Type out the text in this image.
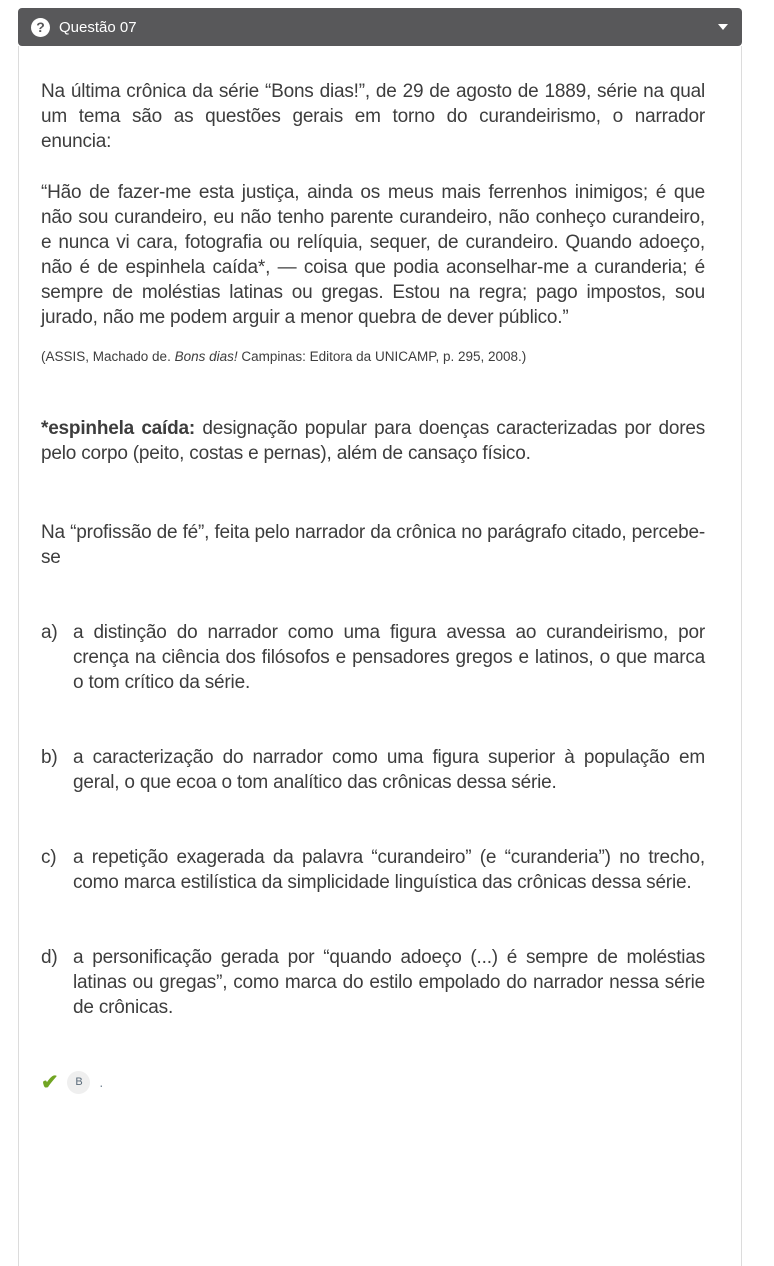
? Questão 07

Na última crônica da série “Bons dias!”, de 29 de agosto de 1889, série na qual um tema são as questões gerais em torno do curandeirismo, o narrador enuncia:

“Hão de fazer-me esta justiça, ainda os meus mais ferrenhos inimigos; é que não sou curandeiro, eu não tenho parente curandeiro, não conheço curandeiro, e nunca vi cara, fotografia ou relíquia, sequer, de curandeiro. Quando adoeço, não é de espinhela caída*, — coisa que podia aconselhar-me a curanderia; é sempre de moléstias latinas ou gregas. Estou na regra; pago impostos, sou jurado, não me podem arguir a menor quebra de dever público.”

(ASSIS, Machado de. Bons dias! Campinas: Editora da UNICAMP, p. 295, 2008.)

*espinhela caída: designação popular para doenças caracterizadas por dores pelo corpo (peito, costas e pernas), além de cansaço físico.

Na “profissão de fé”, feita pelo narrador da crônica no parágrafo citado, percebe-se

a) a distinção do narrador como uma figura avessa ao curandeirismo, por crença na ciência dos filósofos e pensadores gregos e latinos, o que marca o tom crítico da série.
b) a caracterização do narrador como uma figura superior à população em geral, o que ecoa o tom analítico das crônicas dessa série.
c) a repetição exagerada da palavra “curandeiro” (e “curanderia”) no trecho, como marca estilística da simplicidade linguística das crônicas dessa série.
d) a personificação gerada por “quando adoeço (...) é sempre de moléstias latinas ou gregas”, como marca do estilo empolado do narrador nessa série de crônicas.
✔	B	.
